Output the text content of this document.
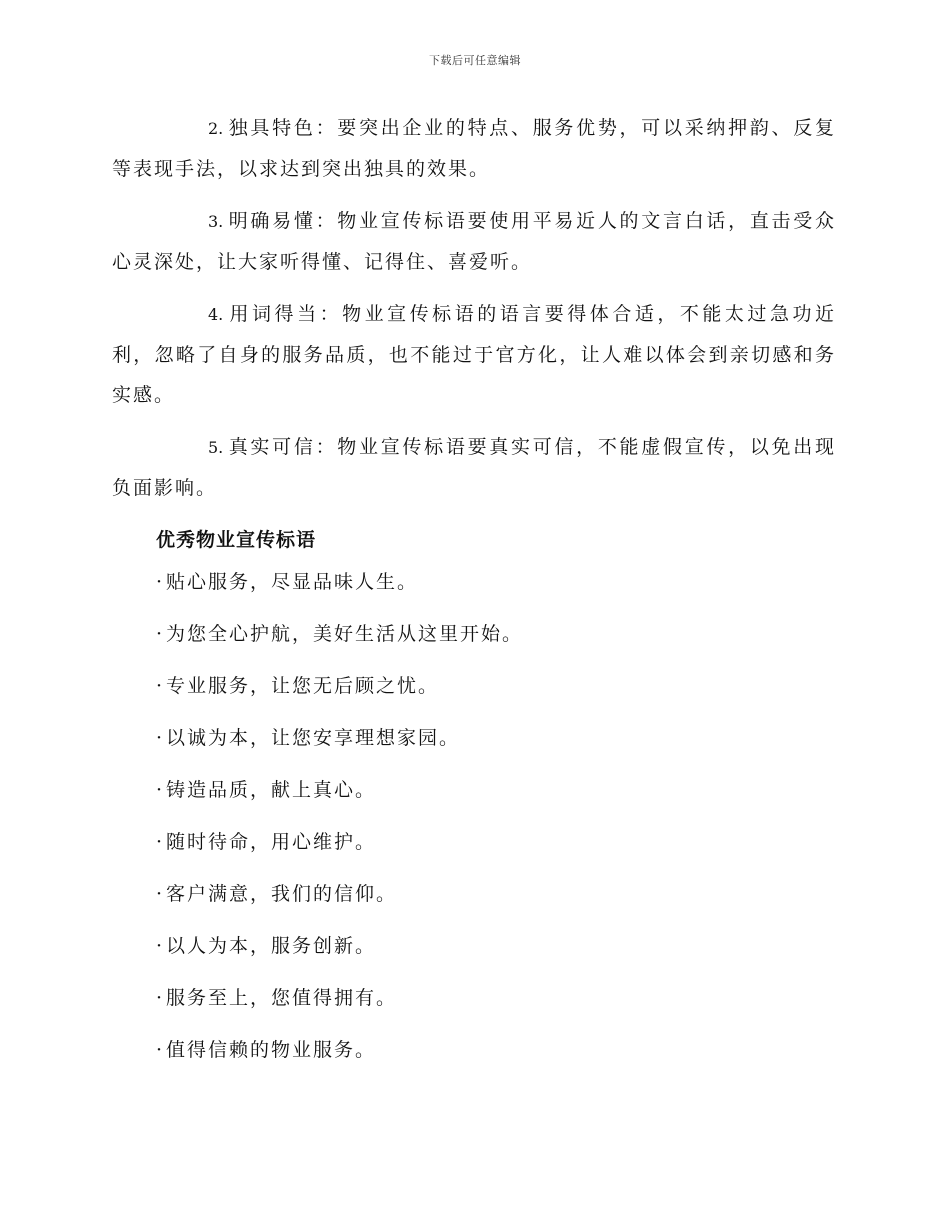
下载后可任意编辑

2. 独具特色：要突出企业的特点、服务优势，可以采纳押韵、反复等表现手法，以求达到突出独具的效果。

3. 明确易懂：物业宣传标语要使用平易近人的文言白话，直击受众心灵深处，让大家听得懂、记得住、喜爱听。

4. 用词得当：物业宣传标语的语言要得体合适，不能太过急功近利，忽略了自身的服务品质，也不能过于官方化，让人难以体会到亲切感和务实感。

5. 真实可信：物业宣传标语要真实可信，不能虚假宣传，以免出现负面影响。

优秀物业宣传标语
· 贴心服务，尽显品味人生。
· 为您全心护航，美好生活从这里开始。
· 专业服务，让您无后顾之忧。
· 以诚为本，让您安享理想家园。
· 铸造品质，献上真心。
· 随时待命，用心维护。
· 客户满意，我们的信仰。
· 以人为本，服务创新。
· 服务至上，您值得拥有。
· 值得信赖的物业服务。
